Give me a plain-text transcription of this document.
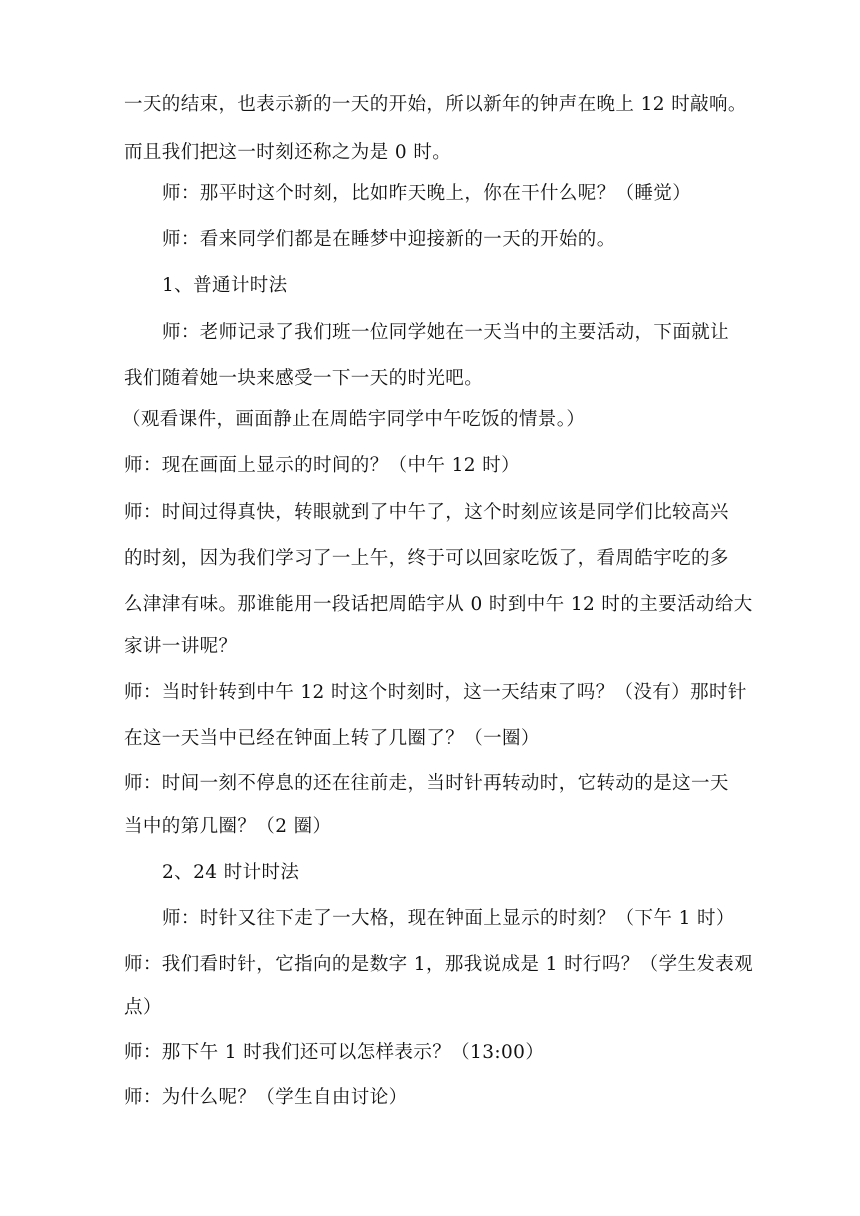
一天的结束，也表示新的一天的开始，所以新年的钟声在晚上 12 时敲响。
而且我们把这一时刻还称之为是 0 时。
师：那平时这个时刻，比如昨天晚上，你在干什么呢？（睡觉）
师：看来同学们都是在睡梦中迎接新的一天的开始的。
1、普通计时法
师：老师记录了我们班一位同学她在一天当中的主要活动，下面就让
我们随着她一块来感受一下一天的时光吧。
（观看课件，画面静止在周皓宇同学中午吃饭的情景。）
师：现在画面上显示的时间的？（中午 12 时）
师：时间过得真快，转眼就到了中午了，这个时刻应该是同学们比较高兴
的时刻，因为我们学习了一上午，终于可以回家吃饭了，看周皓宇吃的多
么津津有味。那谁能用一段话把周皓宇从 0 时到中午 12 时的主要活动给大
家讲一讲呢？
师：当时针转到中午 12 时这个时刻时，这一天结束了吗？（没有）那时针
在这一天当中已经在钟面上转了几圈了？（一圈）
师：时间一刻不停息的还在往前走，当时针再转动时，它转动的是这一天
当中的第几圈？（2 圈）
2、24 时计时法
师：时针又往下走了一大格，现在钟面上显示的时刻？（下午 1 时）
师：我们看时针，它指向的是数字 1，那我说成是 1 时行吗？（学生发表观
点）
师：那下午 1 时我们还可以怎样表示？（13:00）
师：为什么呢？（学生自由讨论）
